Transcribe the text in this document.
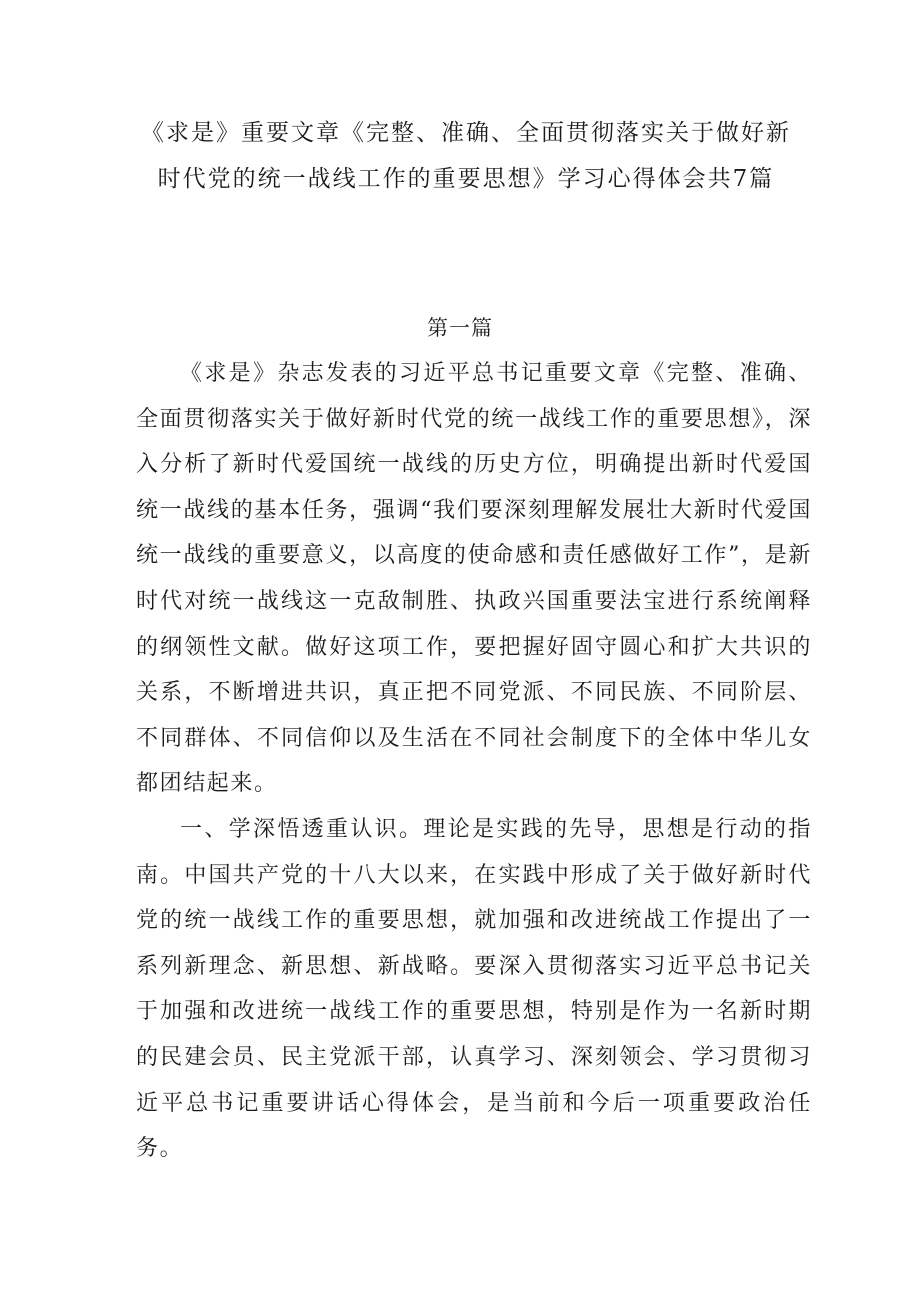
《求是》重要文章《完整、准确、全面贯彻落实关于做好新时代党的统一战线工作的重要思想》学习心得体会共7篇
第一篇

《求是》杂志发表的习近平总书记重要文章《完整、准确、全面贯彻落实关于做好新时代党的统一战线工作的重要思想》，深入分析了新时代爱国统一战线的历史方位，明确提出新时代爱国统一战线的基本任务，强调“我们要深刻理解发展壮大新时代爱国统一战线的重要意义，以高度的使命感和责任感做好工作”，是新时代对统一战线这一克敌制胜、执政兴国重要法宝进行系统阐释的纲领性文献。做好这项工作，要把握好固守圆心和扩大共识的关系，不断增进共识，真正把不同党派、不同民族、不同阶层、不同群体、不同信仰以及生活在不同社会制度下的全体中华儿女都团结起来。

一、学深悟透重认识。理论是实践的先导，思想是行动的指南。中国共产党的十八大以来，在实践中形成了关于做好新时代党的统一战线工作的重要思想，就加强和改进统战工作提出了一系列新理念、新思想、新战略。要深入贯彻落实习近平总书记关于加强和改进统一战线工作的重要思想，特别是作为一名新时期的民建会员、民主党派干部，认真学习、深刻领会、学习贯彻习近平总书记重要讲话心得体会，是当前和今后一项重要政治任务。
